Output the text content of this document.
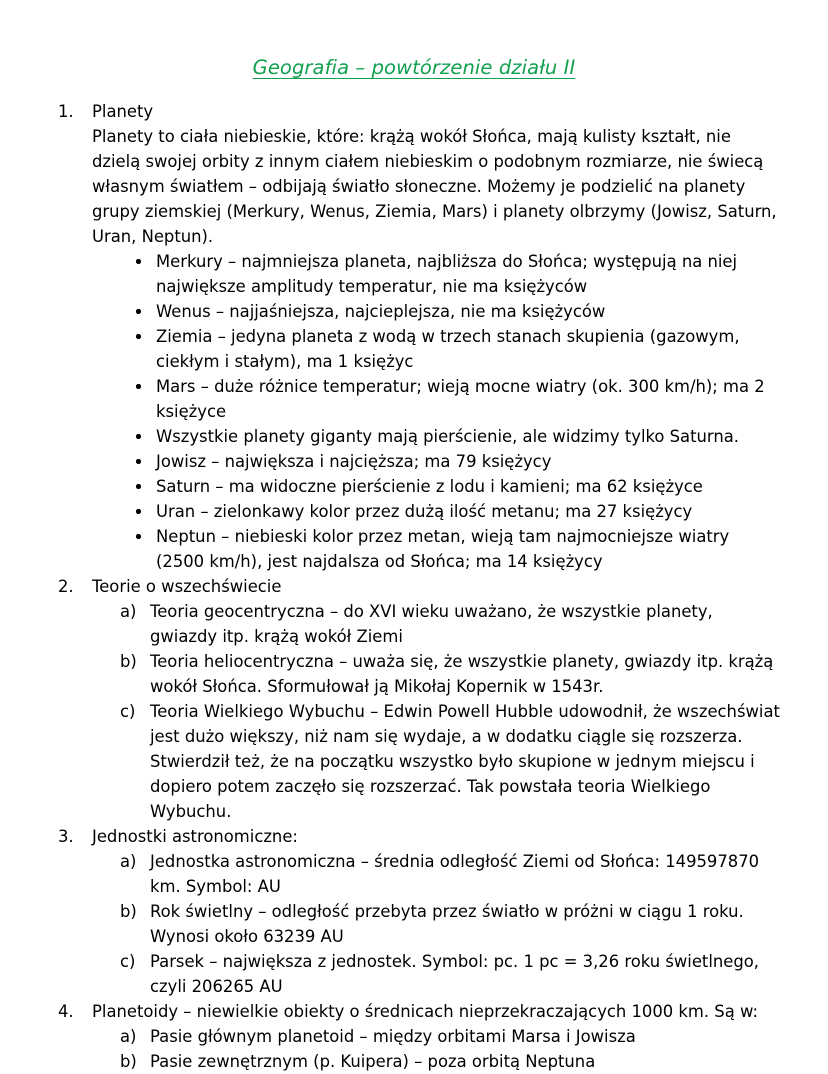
Geografia – powtórzenie działu II
1.	Planety
Planety to ciała niebieskie, które: krążą wokół Słońca, mają kulisty kształt, nie dzielą swojej orbity z innym ciałem niebieskim o podobnym rozmiarze, nie świecą własnym światłem – odbijają światło słoneczne. Możemy je podzielić na planety grupy ziemskiej (Merkury, Wenus, Ziemia, Mars) i planety olbrzymy (Jowisz, Saturn, Uran, Neptun).
Merkury – najmniejsza planeta, najbliższa do Słońca; występują na niej największe amplitudy temperatur, nie ma księżyców
Wenus – najjaśniejsza, najcieplejsza, nie ma księżyców
Ziemia – jedyna planeta z wodą w trzech stanach skupienia (gazowym, ciekłym i stałym), ma 1 księżyc
Mars – duże różnice temperatur; wieją mocne wiatry (ok. 300 km/h); ma 2 księżyce
Wszystkie planety giganty mają pierścienie, ale widzimy tylko Saturna.
Jowisz – największa i najcięższa; ma 79 księżycy
Saturn – ma widoczne pierścienie z lodu i kamieni; ma 62 księżyce
Uran – zielonkawy kolor przez dużą ilość metanu; ma 27 księżycy
Neptun – niebieski kolor przez metan, wieją tam najmocniejsze wiatry (2500 km/h), jest najdalsza od Słońca; ma 14 księżycy
2.	Teorie o wszechświecie
a) Teoria geocentryczna – do XVI wieku uważano, że wszystkie planety, gwiazdy itp. krążą wokół Ziemi
b) Teoria heliocentryczna – uważa się, że wszystkie planety, gwiazdy itp. krążą wokół Słońca. Sformułował ją Mikołaj Kopernik w 1543r.
c) Teoria Wielkiego Wybuchu – Edwin Powell Hubble udowodnił, że wszechświat jest dużo większy, niż nam się wydaje, a w dodatku ciągle się rozszerza. Stwierdził też, że na początku wszystko było skupione w jednym miejscu i dopiero potem zaczęło się rozszerzać. Tak powstała teoria Wielkiego Wybuchu.
3.	Jednostki astronomiczne:
a) Jednostka astronomiczna – średnia odległość Ziemi od Słońca: 149597870 km. Symbol: AU
b) Rok świetlny – odległość przebyta przez światło w próżni w ciągu 1 roku. Wynosi około 63239 AU
c) Parsek – największa z jednostek. Symbol: pc. 1 pc = 3,26 roku świetlnego, czyli 206265 AU
4.	Planetoidy – niewielkie obiekty o średnicach nieprzekraczających 1000 km. Są w:
a) Pasie głównym planetoid – między orbitami Marsa i Jowisza
b) Pasie zewnętrznym (p. Kuipera) – poza orbitą Neptuna
